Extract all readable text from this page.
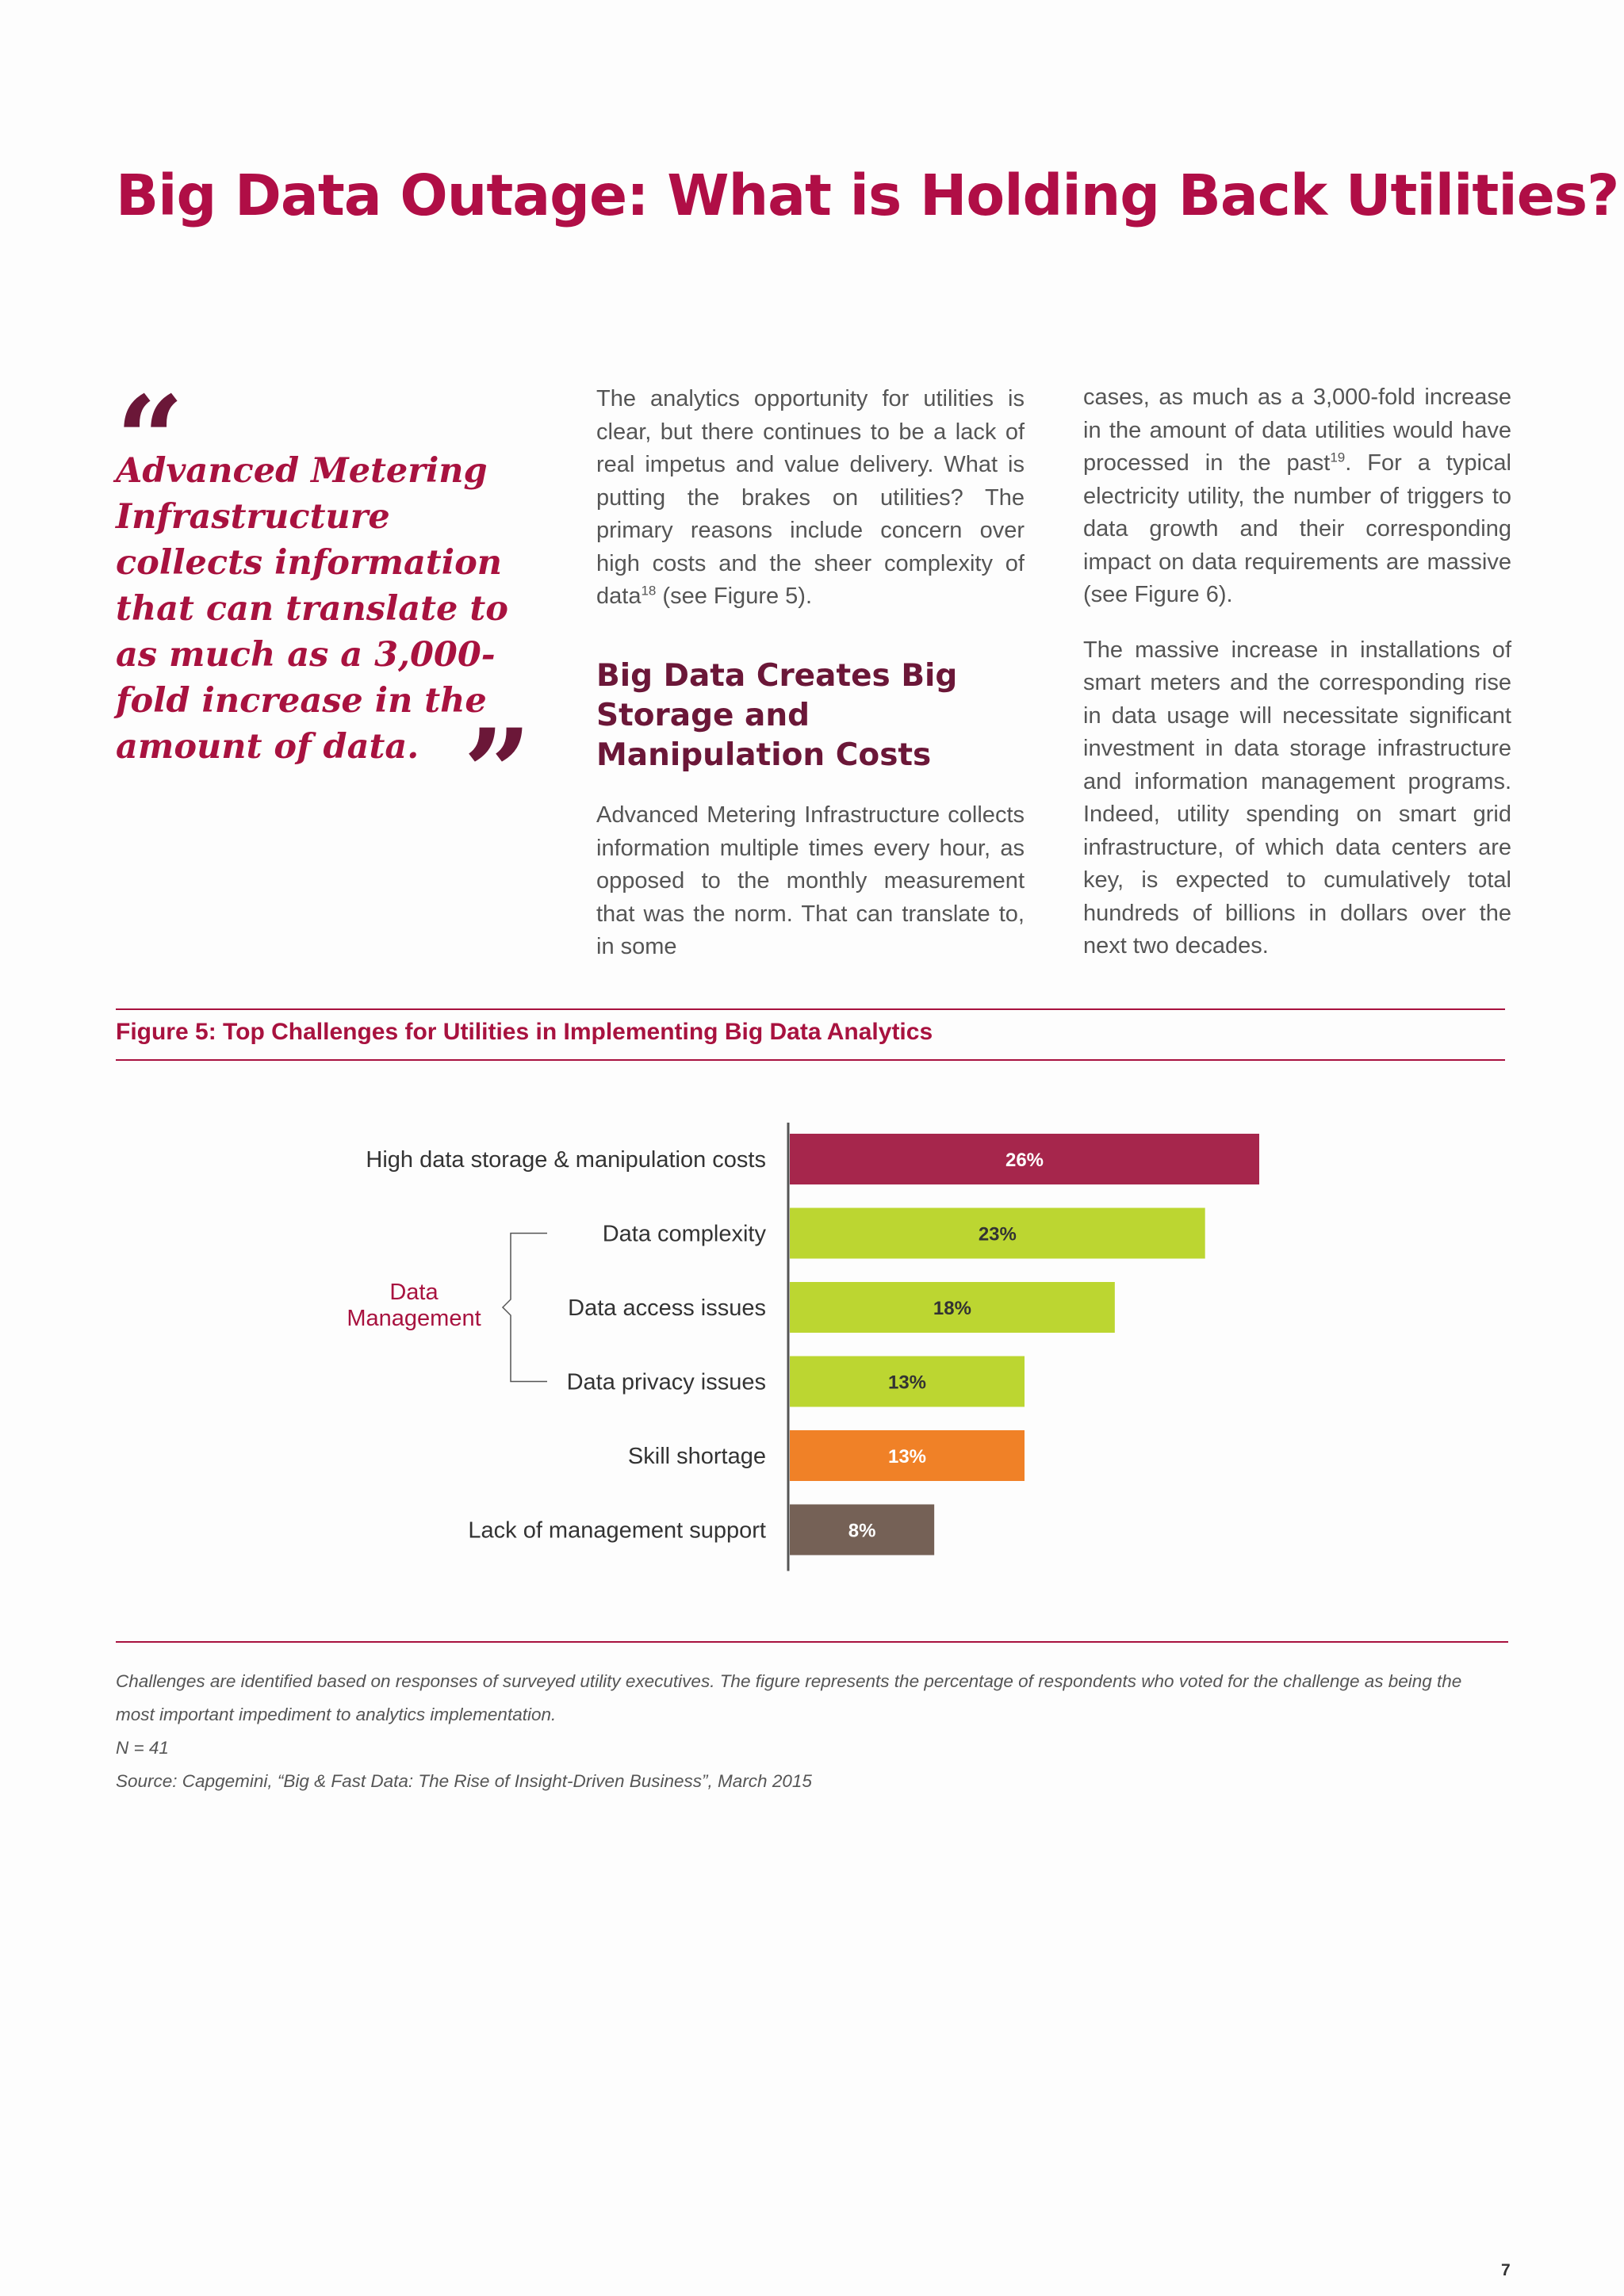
Big Data Outage: What is Holding Back Utilities?
“
Advanced Metering Infrastructure collects information that can translate to as much as a 3,000-fold increase in the amount of data. ”

The analytics opportunity for utilities is clear, but there continues to be a lack of real impetus and value delivery. What is putting the brakes on utilities? The primary reasons include concern over high costs and the sheer complexity of data$^{18}$ (see Figure 5).

Big Data Creates Big Storage and Manipulation Costs

Advanced Metering Infrastructure collects information multiple times every hour, as opposed to the monthly measurement that was the norm. That can translate to, in some

cases, as much as a 3,000-fold increase in the amount of data utilities would have processed in the past$^{19}$. For a typical electricity utility, the number of triggers to data growth and their corresponding impact on data requirements are massive (see Figure 6).

The massive increase in installations of smart meters and the corresponding rise in data usage will necessitate significant investment in data storage infrastructure and information management programs. Indeed, utility spending on smart grid infrastructure, of which data centers are key, is expected to cumulatively total hundreds of billions in dollars over the next two decades.

Figure 5: Top Challenges for Utilities in Implementing Big Data Analytics
26%
High data storage & manipulation costs
23%
Data complexity
18%
Data access issues
13%
Data privacy issues
13%
Skill shortage
8%
Lack of management support
Data Management
Challenges are identified based on responses of surveyed utility executives. The figure represents the percentage of respondents who voted for the challenge as being the most important impediment to analytics implementation.
N = 41
Source: Capgemini, “Big & Fast Data: The Rise of Insight-Driven Business”, March 2015
7
